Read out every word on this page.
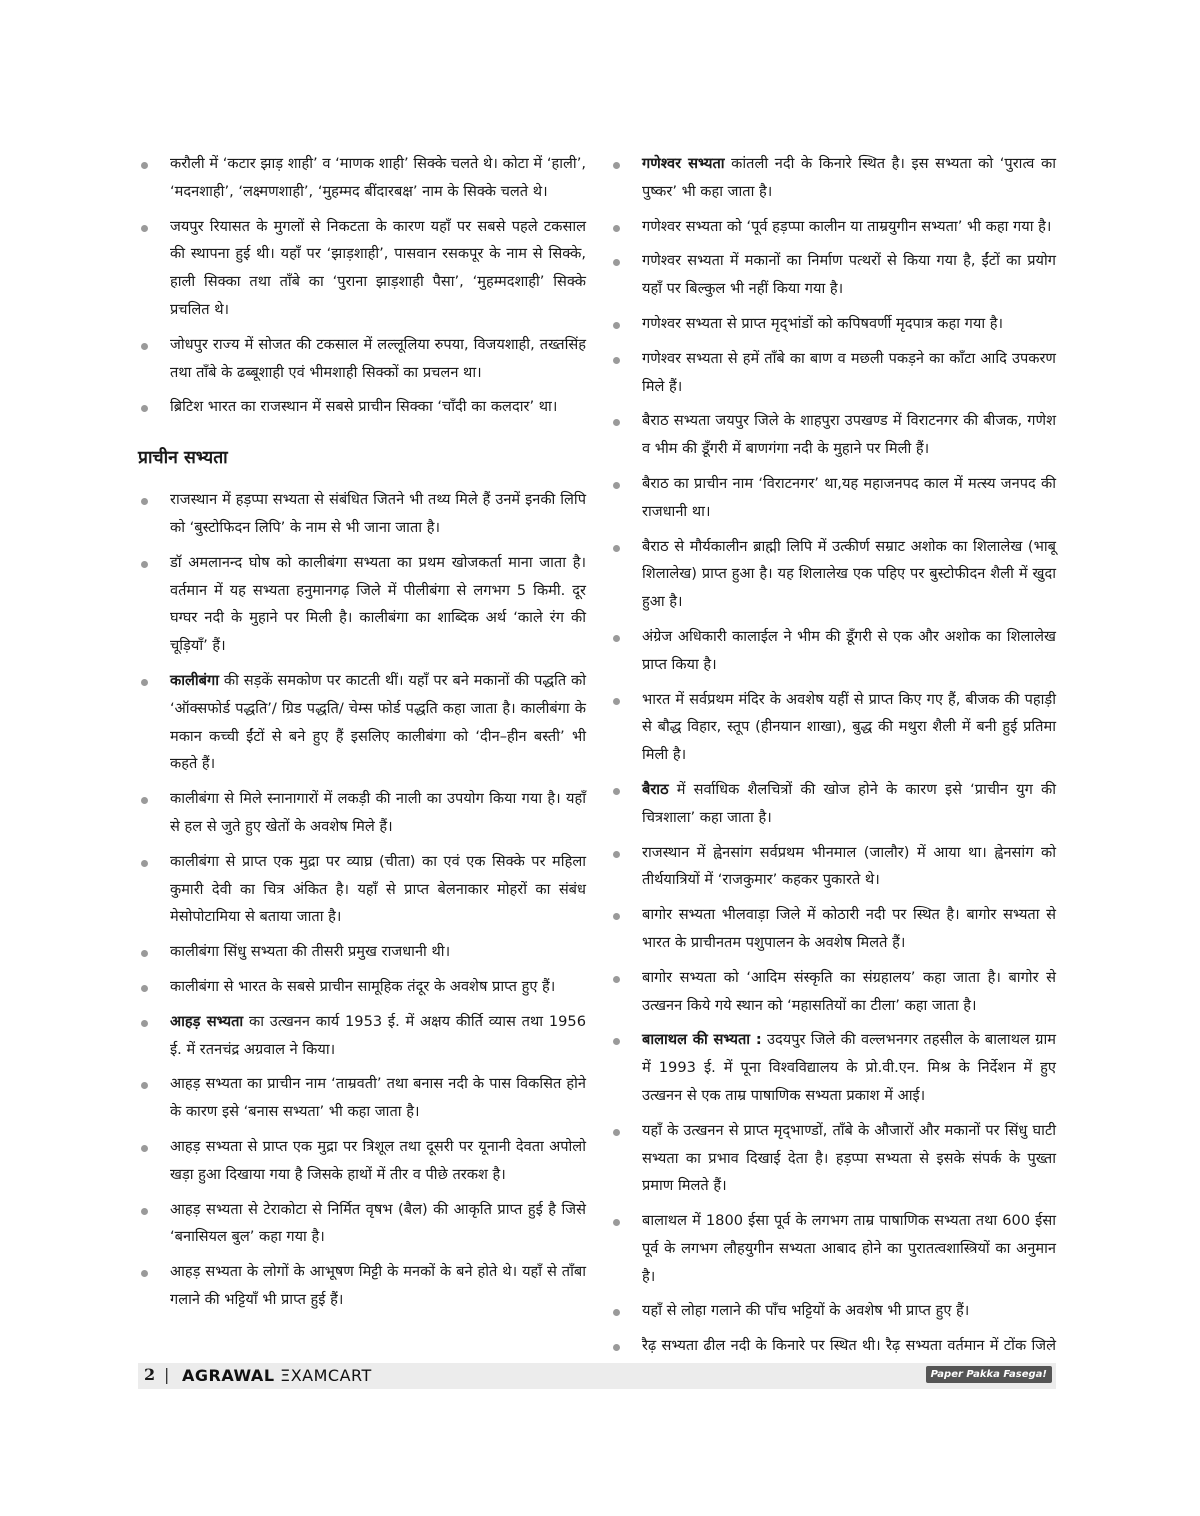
करौली में ‘कटार झाड़ शाही’ व ‘माणक शाही’ सिक्के चलते थे। कोटा में ‘हाली’, ‘मदनशाही’, ‘लक्ष्मणशाही’, ‘मुहम्मद बींदारबक्ष’ नाम के सिक्के चलते थे।
जयपुर रियासत के मुगलों से निकटता के कारण यहाँ पर सबसे पहले टकसाल की स्थापना हुई थी। यहाँ पर ‘झाड़शाही’, पासवान रसकपूर के नाम से सिक्के, हाली सिक्का तथा ताँबे का ‘पुराना झाड़शाही पैसा’, ‘मुहम्मदशाही’ सिक्के प्रचलित थे।
जोधपुर राज्य में सोजत की टकसाल में लल्लूलिया रुपया, विजयशाही, तख्तसिंह तथा ताँबे के ढब्बूशाही एवं भीमशाही सिक्कों का प्रचलन था।
ब्रिटिश भारत का राजस्थान में सबसे प्राचीन सिक्का ‘चाँदी का कलदार’ था।
प्राचीन सभ्यता
राजस्थान में हड़प्पा सभ्यता से संबंधित जितने भी तथ्य मिले हैं उनमें इनकी लिपि को ‘बुस्टोफिदन लिपि’ के नाम से भी जाना जाता है।
डॉ अमलानन्द घोष को कालीबंगा सभ्यता का प्रथम खोजकर्ता माना जाता है। वर्तमान में यह सभ्यता हनुमानगढ़ जिले में पीलीबंगा से लगभग 5 किमी. दूर घग्घर नदी के मुहाने पर मिली है। कालीबंगा का शाब्दिक अर्थ ‘काले रंग की चूड़ियाँ’ हैं।
कालीबंगा की सड़कें समकोण पर काटती थीं। यहाँ पर बने मकानों की पद्धति को ‘ऑक्सफोर्ड पद्धति’/ ग्रिड पद्धति/ चेम्स फोर्ड पद्धति कहा जाता है। कालीबंगा के मकान कच्ची ईंटों से बने हुए हैं इसलिए कालीबंगा को ‘दीन–हीन बस्ती’ भी कहते हैं।
कालीबंगा से मिले स्नानागारों में लकड़ी की नाली का उपयोग किया गया है। यहाँ से हल से जुते हुए खेतों के अवशेष मिले हैं।
कालीबंगा से प्राप्त एक मुद्रा पर व्याघ्र (चीता) का एवं एक सिक्के पर महिला कुमारी देवी का चित्र अंकित है। यहाँ से प्राप्त बेलनाकार मोहरों का संबंध मेसोपोटामिया से बताया जाता है।
कालीबंगा सिंधु सभ्यता की तीसरी प्रमुख राजधानी थी।
कालीबंगा से भारत के सबसे प्राचीन सामूहिक तंदूर के अवशेष प्राप्त हुए हैं।
आहड़ सभ्यता का उत्खनन कार्य 1953 ई. में अक्षय कीर्ति व्यास तथा 1956 ई. में रतनचंद्र अग्रवाल ने किया।
आहड़ सभ्यता का प्राचीन नाम ‘ताम्रवती’ तथा बनास नदी के पास विकसित होने के कारण इसे ‘बनास सभ्यता’ भी कहा जाता है।
आहड़ सभ्यता से प्राप्त एक मुद्रा पर त्रिशूल तथा दूसरी पर यूनानी देवता अपोलो खड़ा हुआ दिखाया गया है जिसके हाथों में तीर व पीछे तरकश है।
आहड़ सभ्यता से टेराकोटा से निर्मित वृषभ (बैल) की आकृति प्राप्त हुई है जिसे ‘बनासियल बुल’ कहा गया है।
आहड़ सभ्यता के लोगों के आभूषण मिट्टी के मनकों के बने होते थे। यहाँ से ताँबा गलाने की भट्टियाँ भी प्राप्त हुई हैं।
गणेश्वर सभ्यता कांतली नदी के किनारे स्थित है। इस सभ्यता को ‘पुरात्व का पुष्कर’ भी कहा जाता है।
गणेश्वर सभ्यता को ‘पूर्व हड़प्पा कालीन या ताम्रयुगीन सभ्यता’ भी कहा गया है।
गणेश्वर सभ्यता में मकानों का निर्माण पत्थरों से किया गया है, ईंटों का प्रयोग यहाँ पर बिल्कुल भी नहीं किया गया है।
गणेश्वर सभ्यता से प्राप्त मृद्‌भांडों को कपिषवर्णी मृदपात्र कहा गया है।
गणेश्वर सभ्यता से हमें ताँबे का बाण व मछली पकड़ने का काँटा आदि उपकरण मिले हैं।
बैराठ सभ्यता जयपुर जिले के शाहपुरा उपखण्ड में विराटनगर की बीजक, गणेश व भीम की डूँगरी में बाणगंगा नदी के मुहाने पर मिली हैं।
बैराठ का प्राचीन नाम ‘विराटनगर’ था,यह महाजनपद काल में मत्स्य जनपद की राजधानी था।
बैराठ से मौर्यकालीन ब्राह्मी लिपि में उत्कीर्ण सम्राट अशोक का शिलालेख (भाबू शिलालेख) प्राप्त हुआ है। यह शिलालेख एक पहिए पर बुस्टोफीदन शैली में खुदा हुआ है।
अंग्रेज अधिकारी कालाईल ने भीम की डूँगरी से एक और अशोक का शिलालेख प्राप्त किया है।
भारत में सर्वप्रथम मंदिर के अवशेष यहीं से प्राप्त किए गए हैं, बीजक की पहाड़ी से बौद्ध विहार, स्तूप (हीनयान शाखा), बुद्ध की मथुरा शैली में बनी हुई प्रतिमा मिली है।
बैराठ में सर्वाधिक शैलचित्रों की खोज होने के कारण इसे ‘प्राचीन युग की चित्रशाला’ कहा जाता है।
राजस्थान में ह्वेनसांग सर्वप्रथम भीनमाल (जालौर) में आया था। ह्वेनसांग को तीर्थयात्रियों में ‘राजकुमार’ कहकर पुकारते थे।
बागोर सभ्यता भीलवाड़ा जिले में कोठारी नदी पर स्थित है। बागोर सभ्यता से भारत के प्राचीनतम पशुपालन के अवशेष मिलते हैं।
बागोर सभ्यता को ‘आदिम संस्कृति का संग्रहालय’ कहा जाता है। बागोर से उत्खनन किये गये स्थान को ‘महासतियों का टीला’ कहा जाता है।
बालाथल की सभ्यता : उदयपुर जिले की वल्लभनगर तहसील के बालाथल ग्राम में 1993 ई. में पूना विश्वविद्यालय के प्रो.वी.एन. मिश्र के निर्देशन में हुए उत्खनन से एक ताम्र पाषाणिक सभ्यता प्रकाश में आई।
यहाँ के उत्खनन से प्राप्त मृद्‌भाण्डों, ताँबे के औजारों और मकानों पर सिंधु घाटी सभ्यता का प्रभाव दिखाई देता है। हड़प्पा सभ्यता से इसके संपर्क के पुख्ता प्रमाण मिलते हैं।
बालाथल में 1800 ईसा पूर्व के लगभग ताम्र पाषाणिक सभ्यता तथा 600 ईसा पूर्व के लगभग लौहयुगीन सभ्यता आबाद होने का पुरातत्वशास्त्रियों का अनुमान है।
यहाँ से लोहा गलाने की पाँच भट्टियों के अवशेष भी प्राप्त हुए हैं।
रैढ़ सभ्यता ढील नदी के किनारे पर स्थित थी। रैढ़ सभ्यता वर्तमान में टोंक जिले
2 | AGRAWAL ΞXAMCART	Paper Pakka Fasega!
